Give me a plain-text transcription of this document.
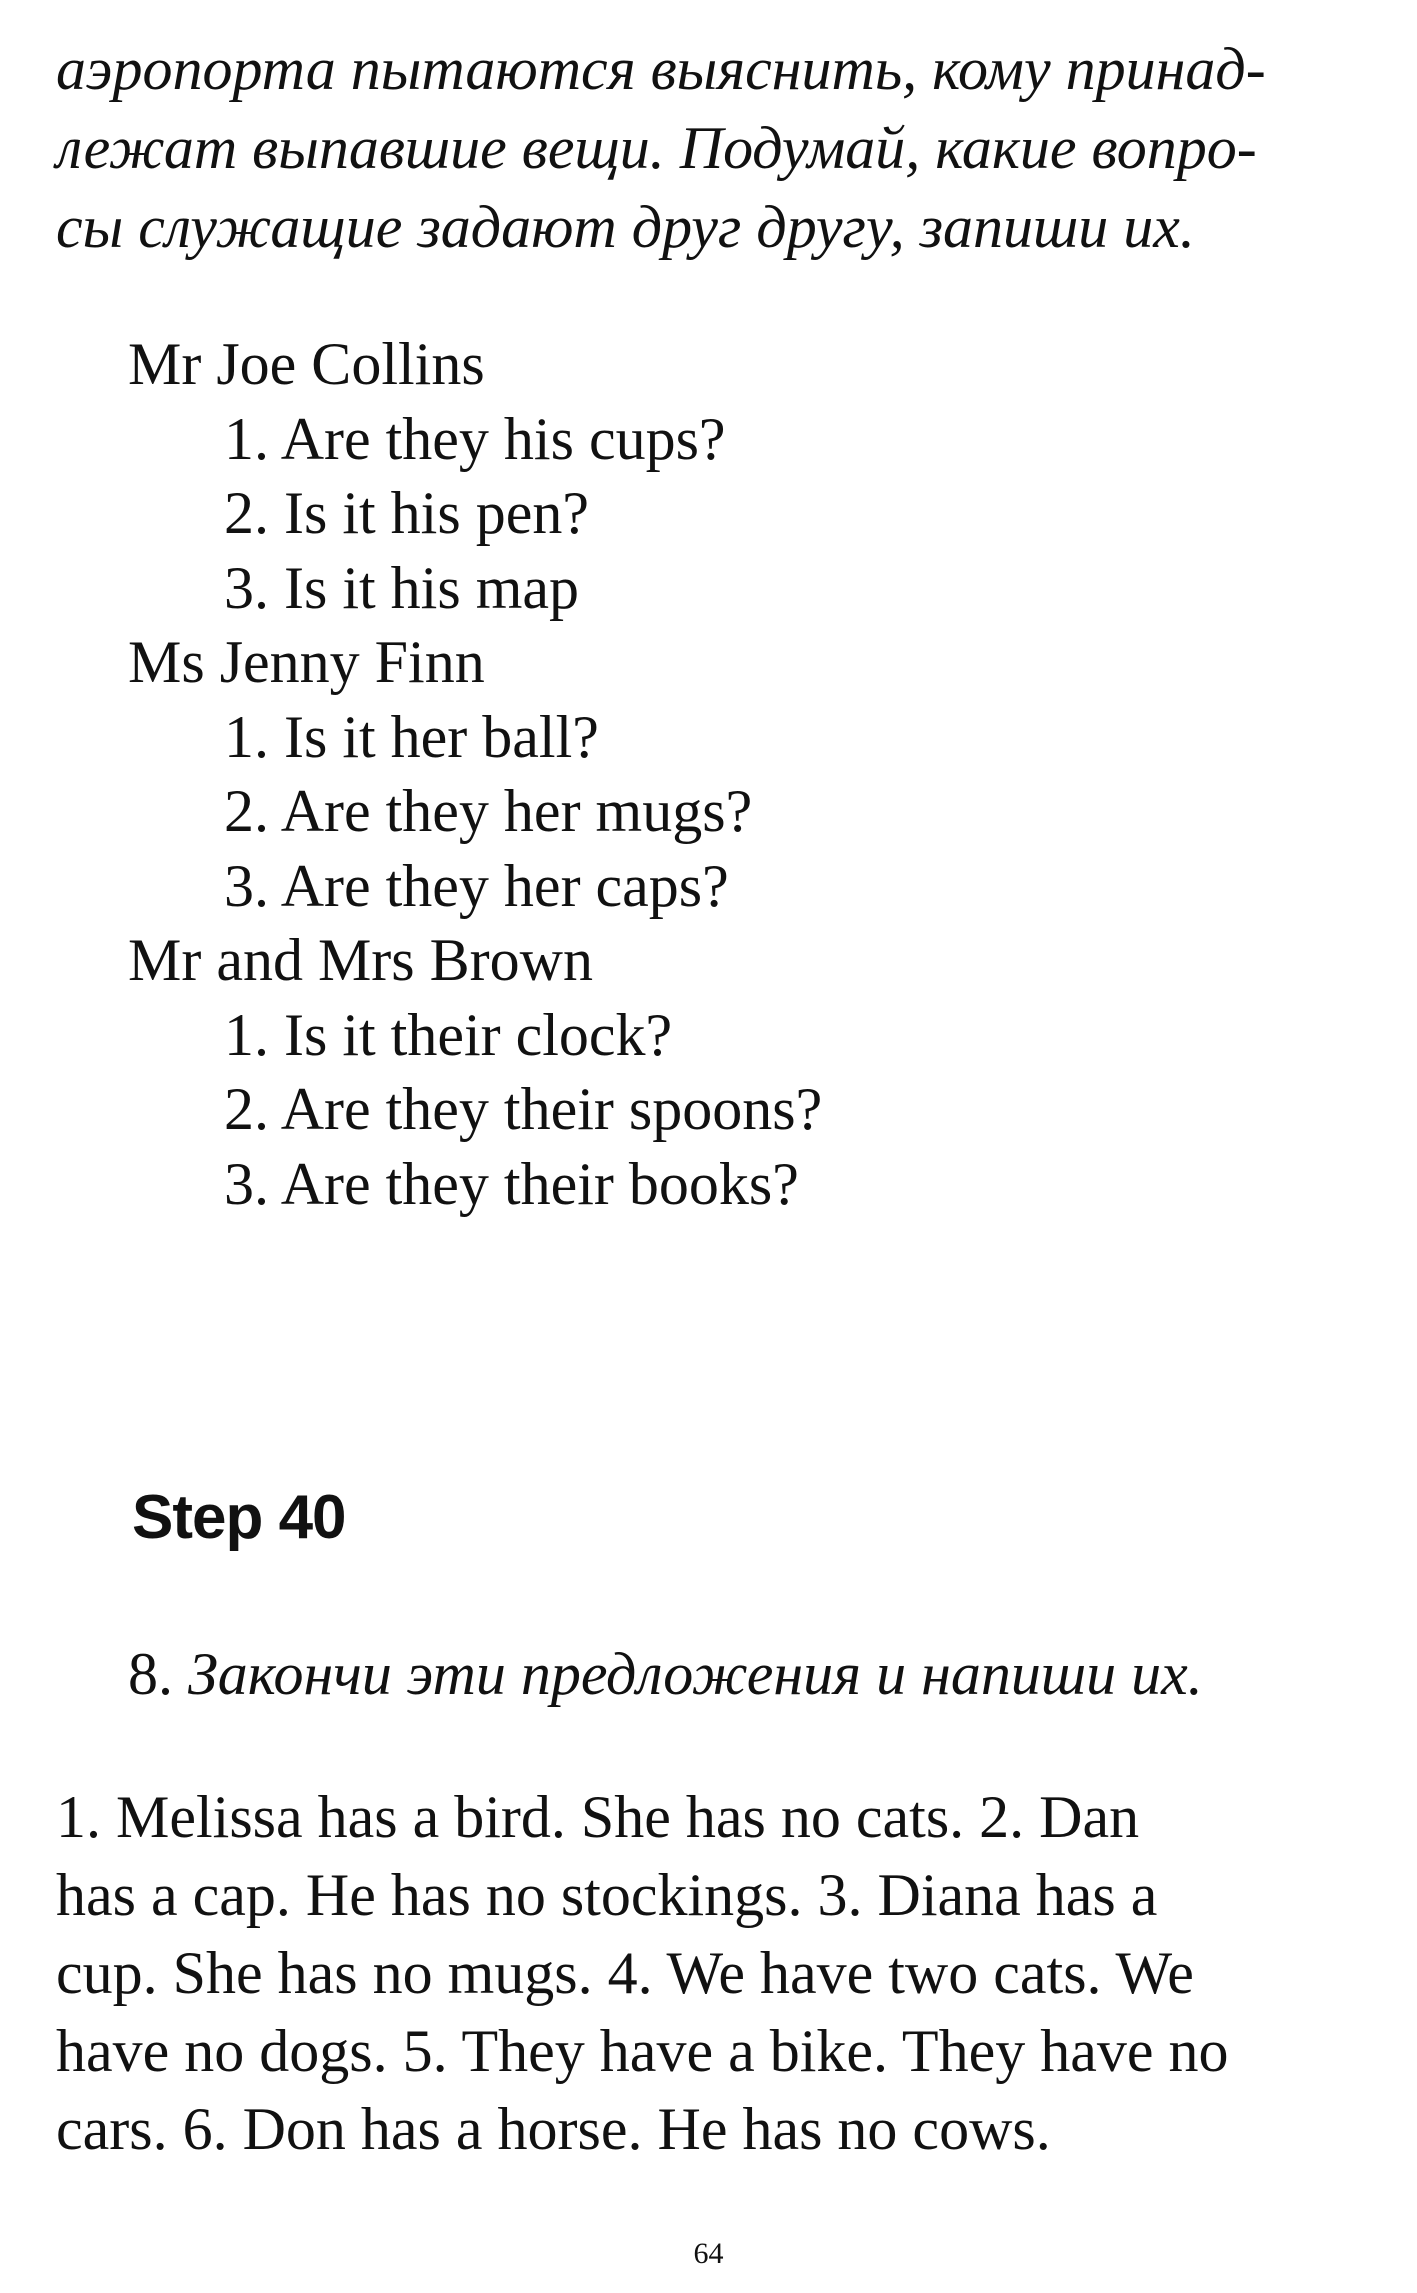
аэропорта пытаются выяснить, кому принад-
лежат выпавшие вещи. Подумай, какие вопро-
сы служащие задают друг другу, запиши их.

Mr Joe Collins
1. Are they his cups?
2. Is it his pen?
3. Is it his map
Ms Jenny Finn
1. Is it her ball?
2. Are they her mugs?
3. Are they her caps?
Mr and Mrs Brown
1. Is it their clock?
2. Are they their spoons?
3. Are they their books?
Step 40

8. Закончи эти предложения и напиши их.

1. Melissa has a bird. She has no cats. 2. Dan
has a cap. He has no stockings. 3. Diana has a
cup. She has no mugs. 4. We have two cats. We
have no dogs. 5. They have a bike. They have no
cars. 6. Don has a horse. He has no cows.

64
